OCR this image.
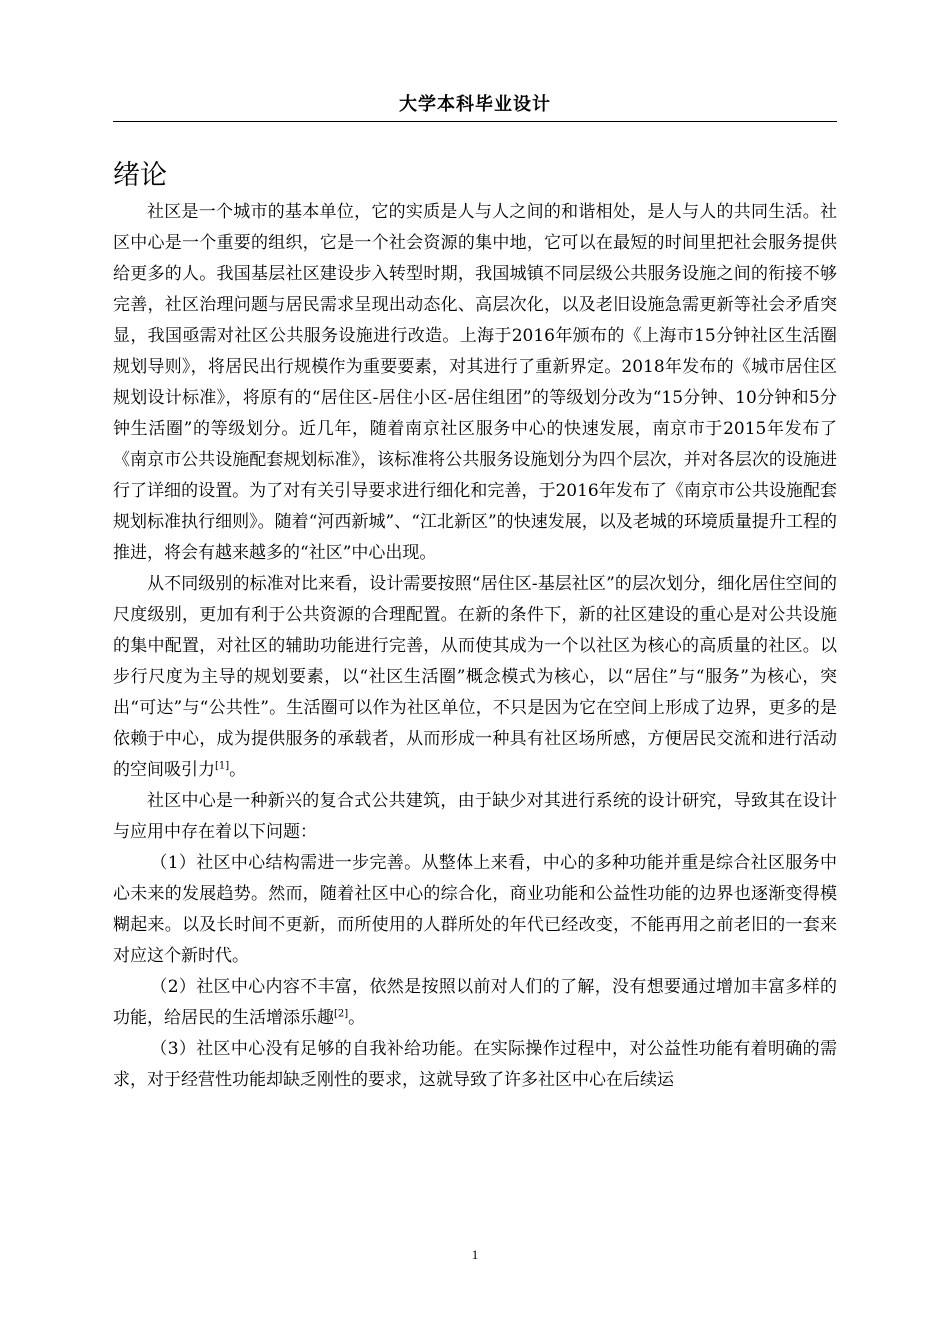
大学本科毕业设计
绪论

社区是一个城市的基本单位，它的实质是人与人之间的和谐相处，是人与人的共同生活。社区中心是一个重要的组织，它是一个社会资源的集中地，它可以在最短的时间里把社会服务提供给更多的人。我国基层社区建设步入转型时期，我国城镇不同层级公共服务设施之间的衔接不够完善，社区治理问题与居民需求呈现出动态化、高层次化，以及老旧设施急需更新等社会矛盾突显，我国亟需对社区公共服务设施进行改造。上海于2016年颁布的《上海市15分钟社区生活圈规划导则》，将居民出行规模作为重要要素，对其进行了重新界定。2018年发布的《城市居住区规划设计标准》，将原有的“居住区-居住小区-居住组团”的等级划分改为“15分钟、10分钟和5分钟生活圈”的等级划分。近几年，随着南京社区服务中心的快速发展，南京市于2015年发布了《南京市公共设施配套规划标准》，该标准将公共服务设施划分为四个层次，并对各层次的设施进行了详细的设置。为了对有关引导要求进行细化和完善，于2016年发布了《南京市公共设施配套规划标准执行细则》。随着“河西新城”、“江北新区”的快速发展，以及老城的环境质量提升工程的推进，将会有越来越多的“社区”中心出现。

从不同级别的标准对比来看，设计需要按照“居住区-基层社区”的层次划分，细化居住空间的尺度级别，更加有利于公共资源的合理配置。在新的条件下，新的社区建设的重心是对公共设施的集中配置，对社区的辅助功能进行完善，从而使其成为一个以社区为核心的高质量的社区。以步行尺度为主导的规划要素，以“社区生活圈”概念模式为核心，以“居住”与“服务”为核心，突出“可达”与“公共性”。生活圈可以作为社区单位，不只是因为它在空间上形成了边界，更多的是依赖于中心，成为提供服务的承载者，从而形成一种具有社区场所感，方便居民交流和进行活动的空间吸引力[1]。

社区中心是一种新兴的复合式公共建筑，由于缺少对其进行系统的设计研究，导致其在设计与应用中存在着以下问题：

（1）社区中心结构需进一步完善。从整体上来看，中心的多种功能并重是综合社区服务中心未来的发展趋势。然而，随着社区中心的综合化，商业功能和公益性功能的边界也逐渐变得模糊起来。以及长时间不更新，而所使用的人群所处的年代已经改变，不能再用之前老旧的一套来对应这个新时代。

（2）社区中心内容不丰富，依然是按照以前对人们的了解，没有想要通过增加丰富多样的功能，给居民的生活增添乐趣[2]。

（3）社区中心没有足够的自我补给功能。在实际操作过程中，对公益性功能有着明确的需求，对于经营性功能却缺乏刚性的要求，这就导致了许多社区中心在后续运

1
